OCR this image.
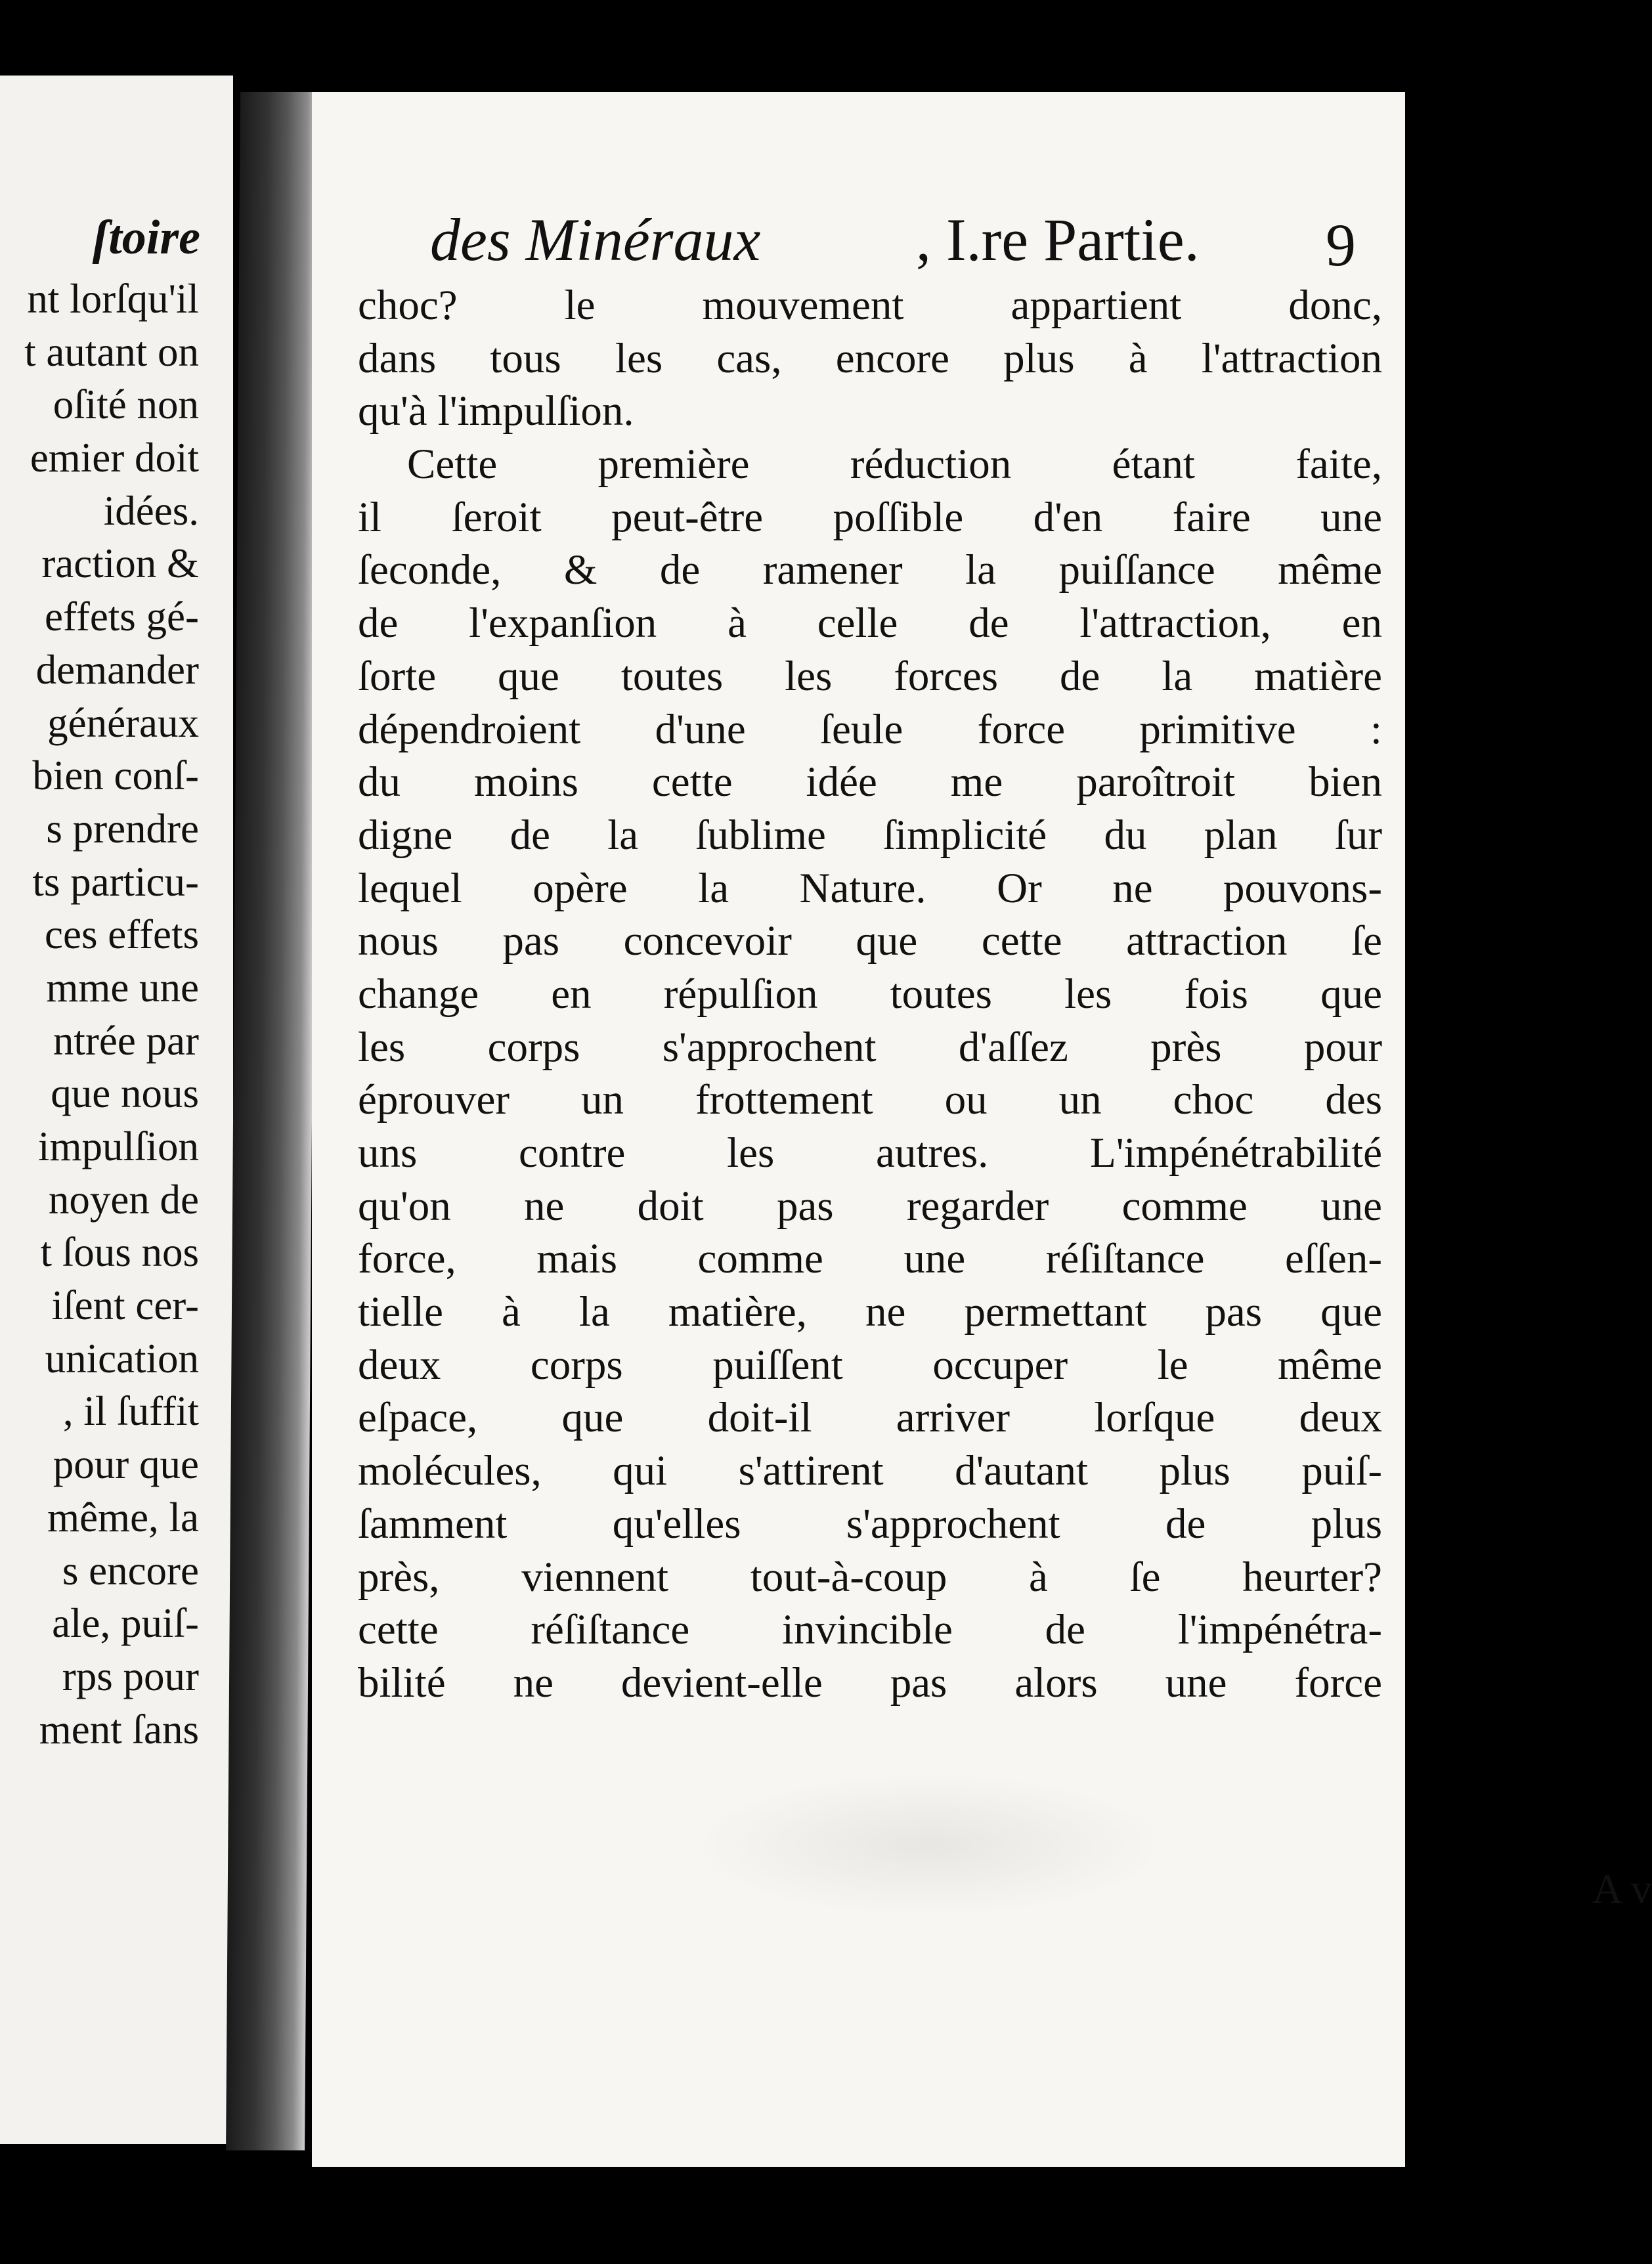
ſtoire

nt lorſqu'il
t autant on
oſité non
emier doit
idées.
raction &
effets gé-
demander
généraux
bien conſ-
s prendre
ts particu-
ces effets
mme une
ntrée par
que nous
impulſion
noyen de
t ſous nos
iſent cer-
unication
, il ſuffit
pour que
même, la
s encore
ale, puiſ-
rps pour
ment ſans
des Minéraux	, I.re Partie. 9
choc? le mouvement appartient donc,
dans tous les cas, encore plus à l'attraction
qu'à l'impulſion.
Cette première réduction étant faite,
il ſeroit peut-être poſſible d'en faire une
ſeconde, & de ramener la puiſſance même
de l'expanſion à celle de l'attraction, en
ſorte que toutes les forces de la matière
dépendroient d'une ſeule force primitive :
du moins cette idée me paroîtroit bien
digne de la ſublime ſimplicité du plan ſur
lequel opère la Nature. Or ne pouvons-
nous pas concevoir que cette attraction ſe
change en répulſion toutes les fois que
les corps s'approchent d'aſſez près pour
éprouver un frottement ou un choc des
uns contre les autres. L'impénétrabilité
qu'on ne doit pas regarder comme une
force, mais comme une réſiſtance eſſen-
tielle à la matière, ne permettant pas que
deux corps puiſſent occuper le même
eſpace, que doit-il arriver lorſque deux
molécules, qui s'attirent d'autant plus puiſ-
ſamment qu'elles s'approchent de plus
près, viennent tout-à-coup à ſe heurter?
cette réſiſtance invincible de l'impénétra-
bilité ne devient-elle pas alors une force

A v
